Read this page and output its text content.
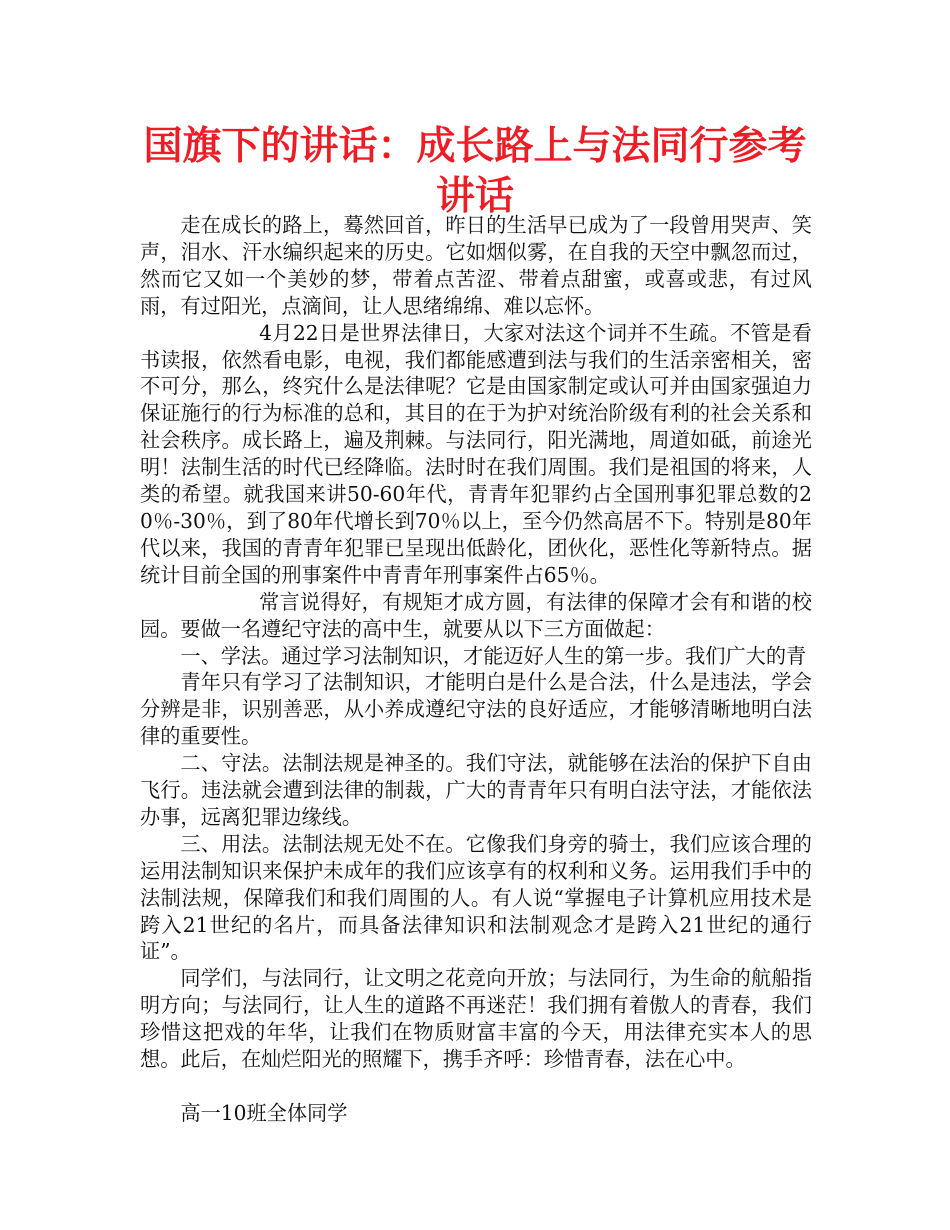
国旗下的讲话：成长路上与法同行参考讲话

走在成长的路上，蓦然回首，昨日的生活早已成为了一段曾用哭声、笑声，泪水、汗水编织起来的历史。它如烟似雾，在自我的天空中飘忽而过，然而它又如一个美妙的梦，带着点苦涩、带着点甜蜜，或喜或悲，有过风雨，有过阳光，点滴间，让人思绪绵绵、难以忘怀。

4月22日是世界法律日，大家对法这个词并不生疏。不管是看书读报，依然看电影，电视，我们都能感遭到法与我们的生活亲密相关，密不可分，那么，终究什么是法律呢？它是由国家制定或认可并由国家强迫力保证施行的行为标准的总和，其目的在于为护对统治阶级有利的社会关系和社会秩序。成长路上，遍及荆棘。与法同行，阳光满地，周道如砥，前途光明！法制生活的时代已经降临。法时时在我们周围。我们是祖国的将来，人类的希望。就我国来讲50-60年代，青青年犯罪约占全国刑事犯罪总数的20％-30％，到了80年代增长到70％以上，至今仍然高居不下。特别是80年代以来，我国的青青年犯罪已呈现出低龄化，团伙化，恶性化等新特点。据统计目前全国的刑事案件中青青年刑事案件占65％。

常言说得好，有规矩才成方圆，有法律的保障才会有和谐的校园。要做一名遵纪守法的高中生，就要从以下三方面做起：

一、学法。通过学习法制知识，才能迈好人生的第一步。我们广大的青

青年只有学习了法制知识，才能明白是什么是合法，什么是违法，学会分辨是非，识别善恶，从小养成遵纪守法的良好适应，才能够清晰地明白法律的重要性。

二、守法。法制法规是神圣的。我们守法，就能够在法治的保护下自由飞行。违法就会遭到法律的制裁，广大的青青年只有明白法守法，才能依法办事，远离犯罪边缘线。

三、用法。法制法规无处不在。它像我们身旁的骑士，我们应该合理的运用法制知识来保护未成年的我们应该享有的权利和义务。运用我们手中的法制法规，保障我们和我们周围的人。有人说“掌握电子计算机应用技术是跨入21世纪的名片，而具备法律知识和法制观念才是跨入21世纪的通行证”。

同学们，与法同行，让文明之花竞向开放；与法同行，为生命的航船指明方向；与法同行，让人生的道路不再迷茫！我们拥有着傲人的青春，我们珍惜这把戏的年华，让我们在物质财富丰富的今天，用法律充实本人的思想。此后，在灿烂阳光的照耀下，携手齐呼：珍惜青春，法在心中。

高一10班全体同学
